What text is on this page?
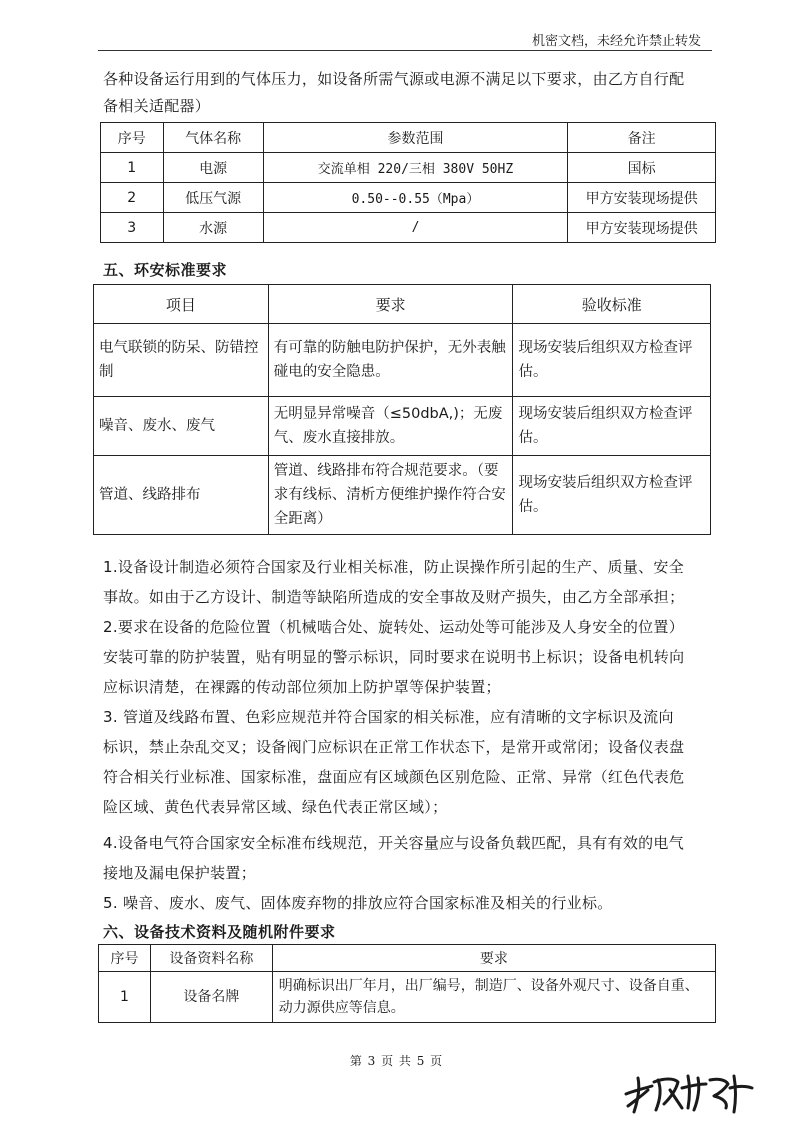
机密文档，未经允许禁止转发
各种设备运行用到的气体压力，如设备所需气源或电源不满足以下要求，由乙方自行配
备相关适配器）
序号	气体名称	参数范围	备注
1	电源	交流单相 220/三相 380V 50HZ	国标
2	低压气源	0.50--0.55（Mpa）	甲方安装现场提供
3	水源	/	甲方安装现场提供
五、环安标准要求
项目	要求	验收标准
电气联锁的防呆、防错控制	有可靠的防触电防护保护，无外表触碰电的安全隐患。	现场安装后组织双方检查评估。
噪音、废水、废气	无明显异常噪音（≤50dbA,)；无废气、废水直接排放。	现场安装后组织双方检查评估。
管道、线路排布	管道、线路排布符合规范要求。（要求有线标、清析方便维护操作符合安全距离）	现场安装后组织双方检查评估。
1.设备设计制造必须符合国家及行业相关标准，防止误操作所引起的生产、质量、安全
事故。如由于乙方设计、制造等缺陷所造成的安全事故及财产损失，由乙方全部承担；
2.要求在设备的危险位置（机械啮合处、旋转处、运动处等可能涉及人身安全的位置）
安装可靠的防护装置，贴有明显的警示标识，同时要求在说明书上标识；设备电机转向
应标识清楚，在裸露的传动部位须加上防护罩等保护装置；
3. 管道及线路布置、色彩应规范并符合国家的相关标准，应有清晰的文字标识及流向
标识，禁止杂乱交叉；设备阀门应标识在正常工作状态下，是常开或常闭；设备仪表盘
符合相关行业标准、国家标准，盘面应有区域颜色区别危险、正常、异常（红色代表危
险区域、黄色代表异常区域、绿色代表正常区域）；
4.设备电气符合国家安全标准布线规范，开关容量应与设备负载匹配，具有有效的电气
接地及漏电保护装置；
5. 噪音、废水、废气、固体废弃物的排放应符合国家标准及相关的行业标。
六、设备技术资料及随机附件要求
序号	设备资料名称	要求
1	设备名牌	明确标识出厂年月，出厂编号，制造厂、设备外观尺寸、设备自重、动力源供应等信息。
第 3 页 共 5 页
